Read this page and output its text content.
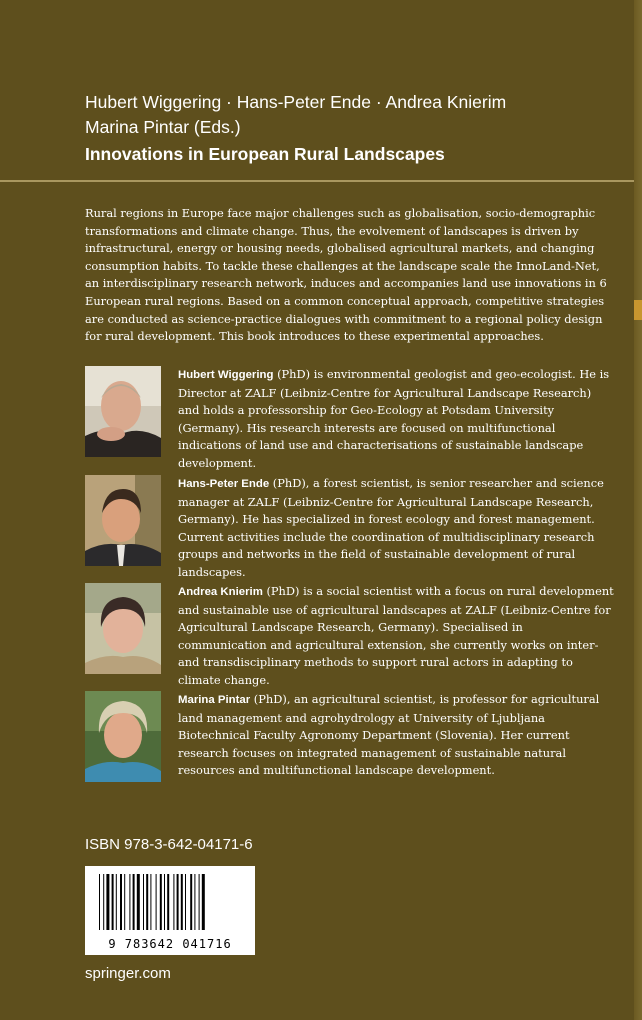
Hubert Wiggering · Hans-Peter Ende · Andrea Knierim
Marina Pintar (Eds.)
Innovations in European Rural Landscapes
Rural regions in Europe face major challenges such as globalisation, socio-demographic transformations and climate change. Thus, the evolvement of landscapes is driven by infrastructural, energy or housing needs, globalised agricultural markets, and changing consumption habits. To tackle these challenges at the landscape scale the InnoLand-Net, an interdisciplinary research network, induces and accompanies land use innovations in 6 European rural regions. Based on a common conceptual approach, competitive strategies are conducted as science-practice dialogues with commitment to a regional policy design for rural development. This book introduces to these experimental approaches.
Hubert Wiggering (PhD) is environmental geologist and geo-ecologist. He is Director at ZALF (Leibniz-Centre for Agricultural Landscape Research) and holds a professorship for Geo-Ecology at Potsdam University (Germany). His research interests are focused on multifunctional indications of land use and characterisations of sustainable landscape development.
Hans-Peter Ende (PhD), a forest scientist, is senior researcher and science manager at ZALF (Leibniz-Centre for Agricultural Landscape Research, Germany). He has specialized in forest ecology and forest management. Current activities include the coordination of multidisciplinary research groups and networks in the field of sustainable development of rural landscapes.
Andrea Knierim (PhD) is a social scientist with a focus on rural development and sustainable use of agricultural landscapes at ZALF (Leibniz-Centre for Agricultural Landscape Research, Germany). Specialised in communication and agricultural extension, she currently works on inter- and transdisciplinary methods to support rural actors in adapting to climate change.
Marina Pintar (PhD), an agricultural scientist, is professor for agricultural land management and agrohydrology at University of Ljubljana Biotechnical Faculty Agronomy Department (Slovenia). Her current research focuses on integrated management of sustainable natural resources and multifunctional landscape development.
ISBN 978-3-642-04171-6
9 783642 041716
springer.com
